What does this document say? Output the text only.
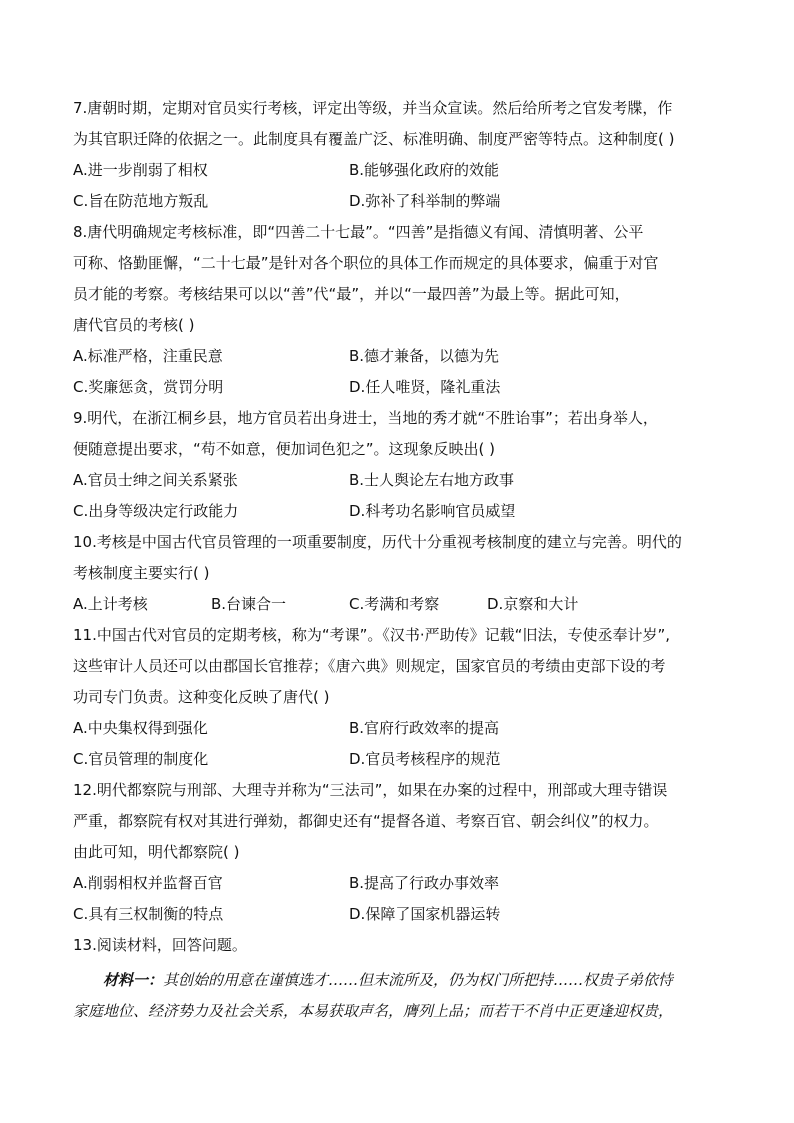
7.唐朝时期，定期对官员实行考核，评定出等级，并当众宣读。然后给所考之官发考牒，作
为其官职迁降的依据之一。此制度具有覆盖广泛、标准明确、制度严密等特点。这种制度( )
A.进一步削弱了相权	B.能够强化政府的效能
C.旨在防范地方叛乱	D.弥补了科举制的弊端
8.唐代明确规定考核标准，即“四善二十七最”。“四善”是指德义有闻、清慎明著、公平
可称、恪勤匪懈，“二十七最”是针对各个职位的具体工作而规定的具体要求，偏重于对官
员才能的考察。考核结果可以以“善”代“最”，并以“一最四善”为最上等。据此可知，
唐代官员的考核( )
A.标准严格，注重民意	B.德才兼备，以德为先
C.奖廉惩贪，赏罚分明	D.任人唯贤，隆礼重法
9.明代，在浙江桐乡县，地方官员若出身进士，当地的秀才就“不胜诒事”；若出身举人，
便随意提出要求，“苟不如意，便加词色犯之”。这现象反映出( )
A.官员士绅之间关系紧张	B.士人舆论左右地方政事
C.出身等级决定行政能力	D.科考功名影响官员威望
10.考核是中国古代官员管理的一项重要制度，历代十分重视考核制度的建立与完善。明代的
考核制度主要实行( )
A.上计考核	B.台谏合一	C.考满和考察	D.京察和大计
11.中国古代对官员的定期考核，称为“考课”。《汉书·严助传》记载“旧法，专使丞奉计岁”,
这些审计人员还可以由郡国长官推荐；《唐六典》则规定，国家官员的考绩由吏部下设的考
功司专门负责。这种变化反映了唐代( )
A.中央集权得到强化	B.官府行政效率的提高
C.官员管理的制度化	D.官员考核程序的规范
12.明代都察院与刑部、大理寺并称为“三法司”，如果在办案的过程中，刑部或大理寺错误
严重，都察院有权对其进行弹劾，都御史还有“提督各道、考察百官、朝会纠仪”的权力。
由此可知，明代都察院( )
A.削弱相权并监督百官	B.提高了行政办事效率
C.具有三权制衡的特点	D.保障了国家机器运转
13.阅读材料，回答问题。
材料一：其创始的用意在谨慎选才……但末流所及，仍为权门所把持……权贵子弟依恃
家庭地位、经济势力及社会关系，本易获取声名，膺列上品；而若干不肖中正更逢迎权贵，
